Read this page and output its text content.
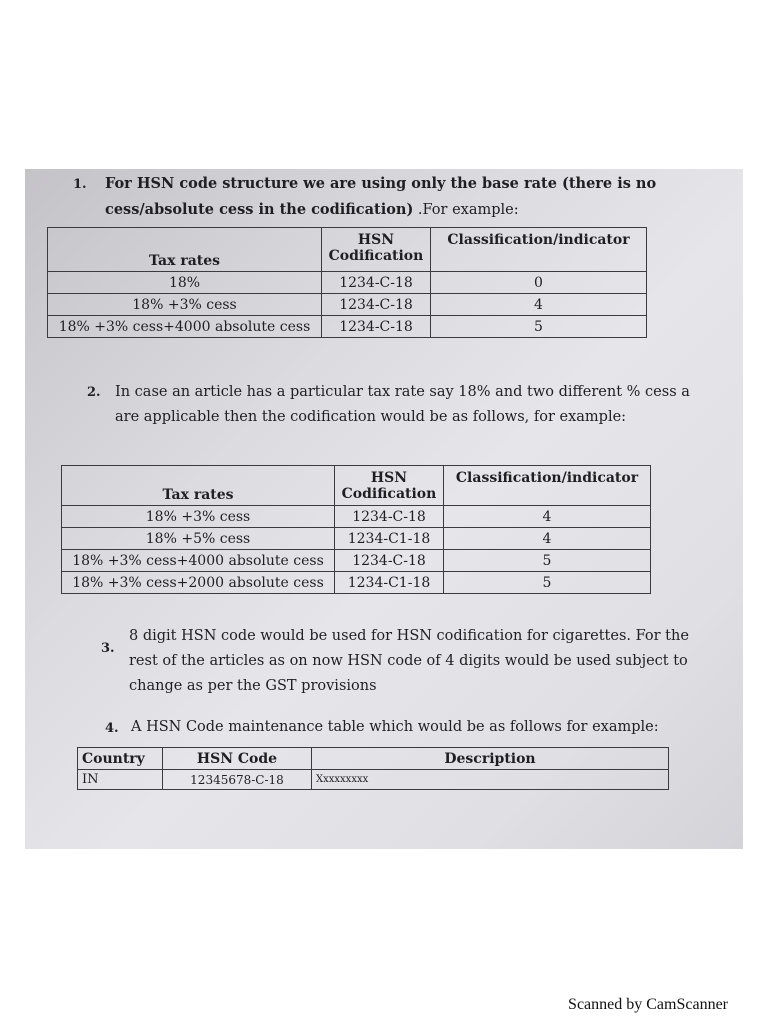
1. For HSN code structure we are using only the base rate (there is no cess/absolute cess in the codification) .For example:
Tax rates	HSN Codification	Classification/indicator
18%	1234-C-18	0
18% +3% cess	1234-C-18	4
18% +3% cess+4000 absolute cess	1234-C-18	5
2. In case an article has a particular tax rate say 18% and two different % cess a are applicable then the codification would be as follows, for example:
Tax rates	HSN Codification	Classification/indicator
18% +3% cess	1234-C-18	4
18% +5% cess	1234-C1-18	4
18% +3% cess+4000 absolute cess	1234-C-18	5
18% +3% cess+2000 absolute cess	1234-C1-18	5
3.
8 digit HSN code would be used for HSN codification for cigarettes. For the rest of the articles as on now HSN code of 4 digits would be used subject to change as per the GST provisions
4. A HSN Code maintenance table which would be as follows for example:
Country	HSN Code	Description
IN	12345678-C-18	Xxxxxxxxx
Scanned by CamScanner
